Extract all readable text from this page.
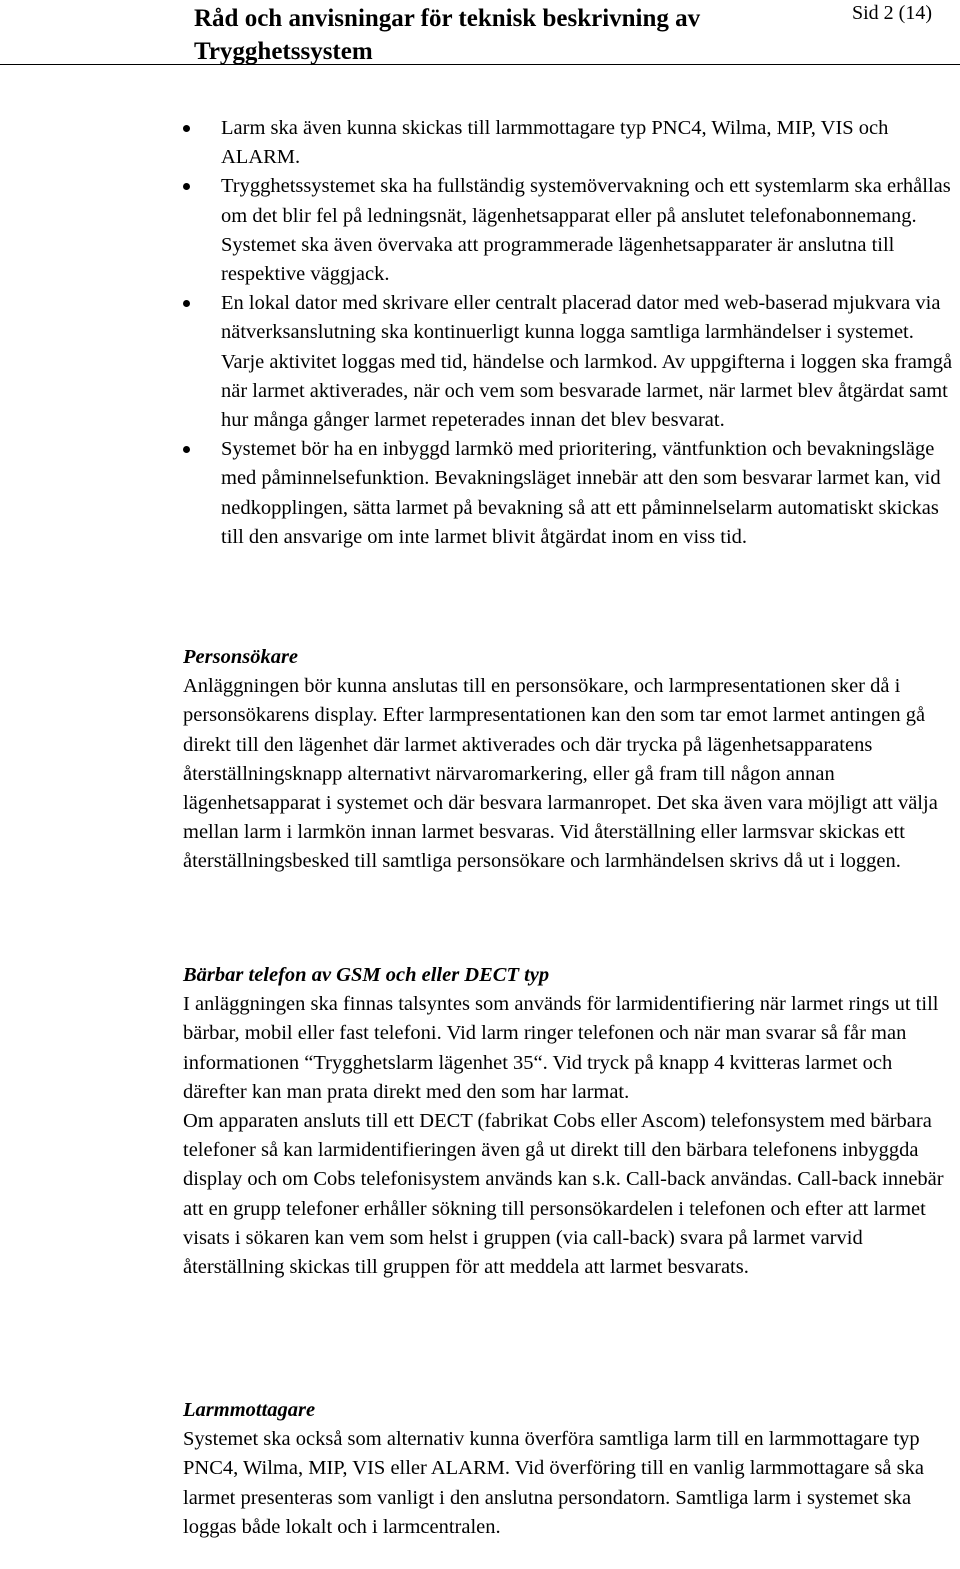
Råd och anvisningar för teknisk beskrivning av Trygghetssystem
Sid 2 (14)
Larm ska även kunna skickas till larmmottagare typ PNC4, Wilma, MIP, VIS och ALARM.
Trygghetssystemet ska ha fullständig systemövervakning och ett systemlarm ska erhållas om det blir fel på ledningsnät, lägenhetsapparat eller på anslutet telefonabonnemang. Systemet ska även övervaka att programmerade lägenhetsapparater är anslutna till respektive väggjack.
En lokal dator med skrivare eller centralt placerad dator med web-baserad mjukvara via nätverksanslutning ska kontinuerligt kunna logga samtliga larmhändelser i systemet. Varje aktivitet loggas med tid, händelse och larmkod. Av uppgifterna i loggen ska framgå när larmet aktiverades, när och vem som besvarade larmet, när larmet blev åtgärdat samt hur många gånger larmet repeterades innan det blev besvarat.
Systemet bör ha en inbyggd larmkö med prioritering, väntfunktion och bevakningsläge med påminnelsefunktion. Bevakningsläget innebär att den som besvarar larmet kan, vid nedkopplingen, sätta larmet på bevakning så att ett påminnelselarm automatiskt skickas till den ansvarige om inte larmet blivit åtgärdat inom en viss tid.
Personsökare

Anläggningen bör kunna anslutas till en personsökare, och larmpresentationen sker då i personsökarens display. Efter larmpresentationen kan den som tar emot larmet antingen gå direkt till den lägenhet där larmet aktiverades och där trycka på lägenhetsapparatens återställningsknapp alternativt närvaromarkering, eller gå fram till någon annan lägenhetsapparat i systemet och där besvara larmanropet. Det ska även vara möjligt att välja mellan larm i larmkön innan larmet besvaras. Vid återställning eller larmsvar skickas ett återställningsbesked till samtliga personsökare och larmhändelsen skrivs då ut i loggen.

Bärbar telefon av GSM och eller DECT typ

I anläggningen ska finnas talsyntes som används för larmidentifiering när larmet rings ut till bärbar, mobil eller fast telefoni. Vid larm ringer telefonen och när man svarar så får man informationen “Trygghetslarm lägenhet 35“. Vid tryck på knapp 4 kvitteras larmet och därefter kan man prata direkt med den som har larmat.

Om apparaten ansluts till ett DECT (fabrikat Cobs eller Ascom) telefonsystem med bärbara telefoner så kan larmidentifieringen även gå ut direkt till den bärbara telefonens inbyggda display och om Cobs telefonisystem används kan s.k. Call-back användas. Call-back innebär att en grupp telefoner erhåller sökning till personsökardelen i telefonen och efter att larmet visats i sökaren kan vem som helst i gruppen (via call-back) svara på larmet varvid återställning skickas till gruppen för att meddela att larmet besvarats.

Larmmottagare

Systemet ska också som alternativ kunna överföra samtliga larm till en larmmottagare typ PNC4, Wilma, MIP, VIS eller ALARM. Vid överföring till en vanlig larmmottagare så ska larmet presenteras som vanligt i den anslutna persondatorn. Samtliga larm i systemet ska loggas både lokalt och i larmcentralen.
